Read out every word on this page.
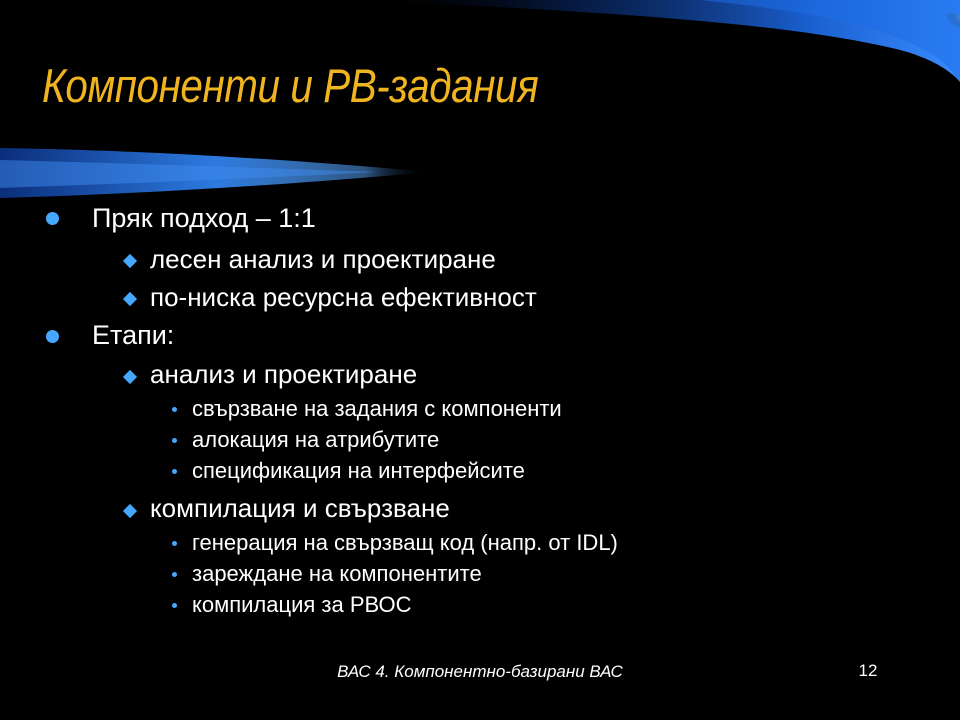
Компоненти и РВ-задания
Пряк подход – 1:1
лесен анализ и проектиране
по-ниска ресурсна ефективност
Етапи:
анализ и проектиране
свързване на задания с компоненти
алокация на атрибутите
спецификация на интерфейсите
компилация и свързване
генерация на свързващ код (напр. от IDL)
зареждане на компонентите
компилация за РВОС
ВАС 4. Компонентно-базирани ВАС	12
